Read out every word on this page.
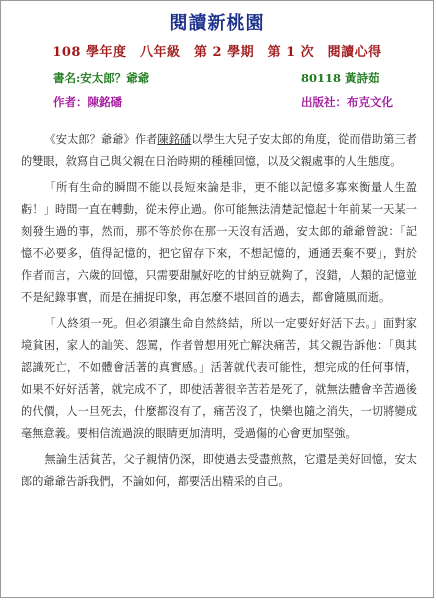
閱讀新桃園
108 學年度　八年級　第 2 學期　第 1 次　閱讀心得
書名:安太郎？爺爺	80118 黃詩茹
作者：陳銘磻	出版社：布克文化

《安太郎？爺爺》作者陳銘磻以學生大兒子安太郎的角度，從而借助第三者的雙眼，敘寫自己與父親在日治時期的種種回憶，以及父親處事的人生態度。

「所有生命的瞬間不能以長短來論是非，更不能以記憶多寡來衡量人生盈虧！」時間一直在轉動，從未停止過。你可能無法清楚記憶起十年前某一天某一刻發生過的事，然而，那不等於你在那一天沒有活過，安太郎的爺爺曾說：「記憶不必要多，值得記憶的，把它留存下來，不想記憶的，通通丟棄不要」，對於作者而言，六歲的回憶，只需要甜膩好吃的甘納豆就夠了，沒錯，人類的記憶並不是紀錄事實，而是在捕捉印象，再怎麼不堪回首的過去，都會隨風而逝。

「人終須一死。但必須讓生命自然終結，所以一定要好好活下去。」面對家境貧困，家人的訕笑、怨罵，作者曾想用死亡解決痛苦，其父親告訴他：「與其認識死亡，不如體會活著的真實感。」活著就代表可能性，想完成的任何事情，如果不好好活著，就完成不了，即使活著很辛苦若是死了，就無法體會辛苦過後的代價，人一旦死去，什麼都沒有了，痛苦沒了，快樂也隨之消失，一切將變成毫無意義。要相信流過淚的眼睛更加清明，受過傷的心會更加堅強。

無論生活貧苦，父子親情仍深，即使過去受盡煎熬，它還是美好回憶，安太郎的爺爺告訴我們，不論如何，都要活出精采的自己。
